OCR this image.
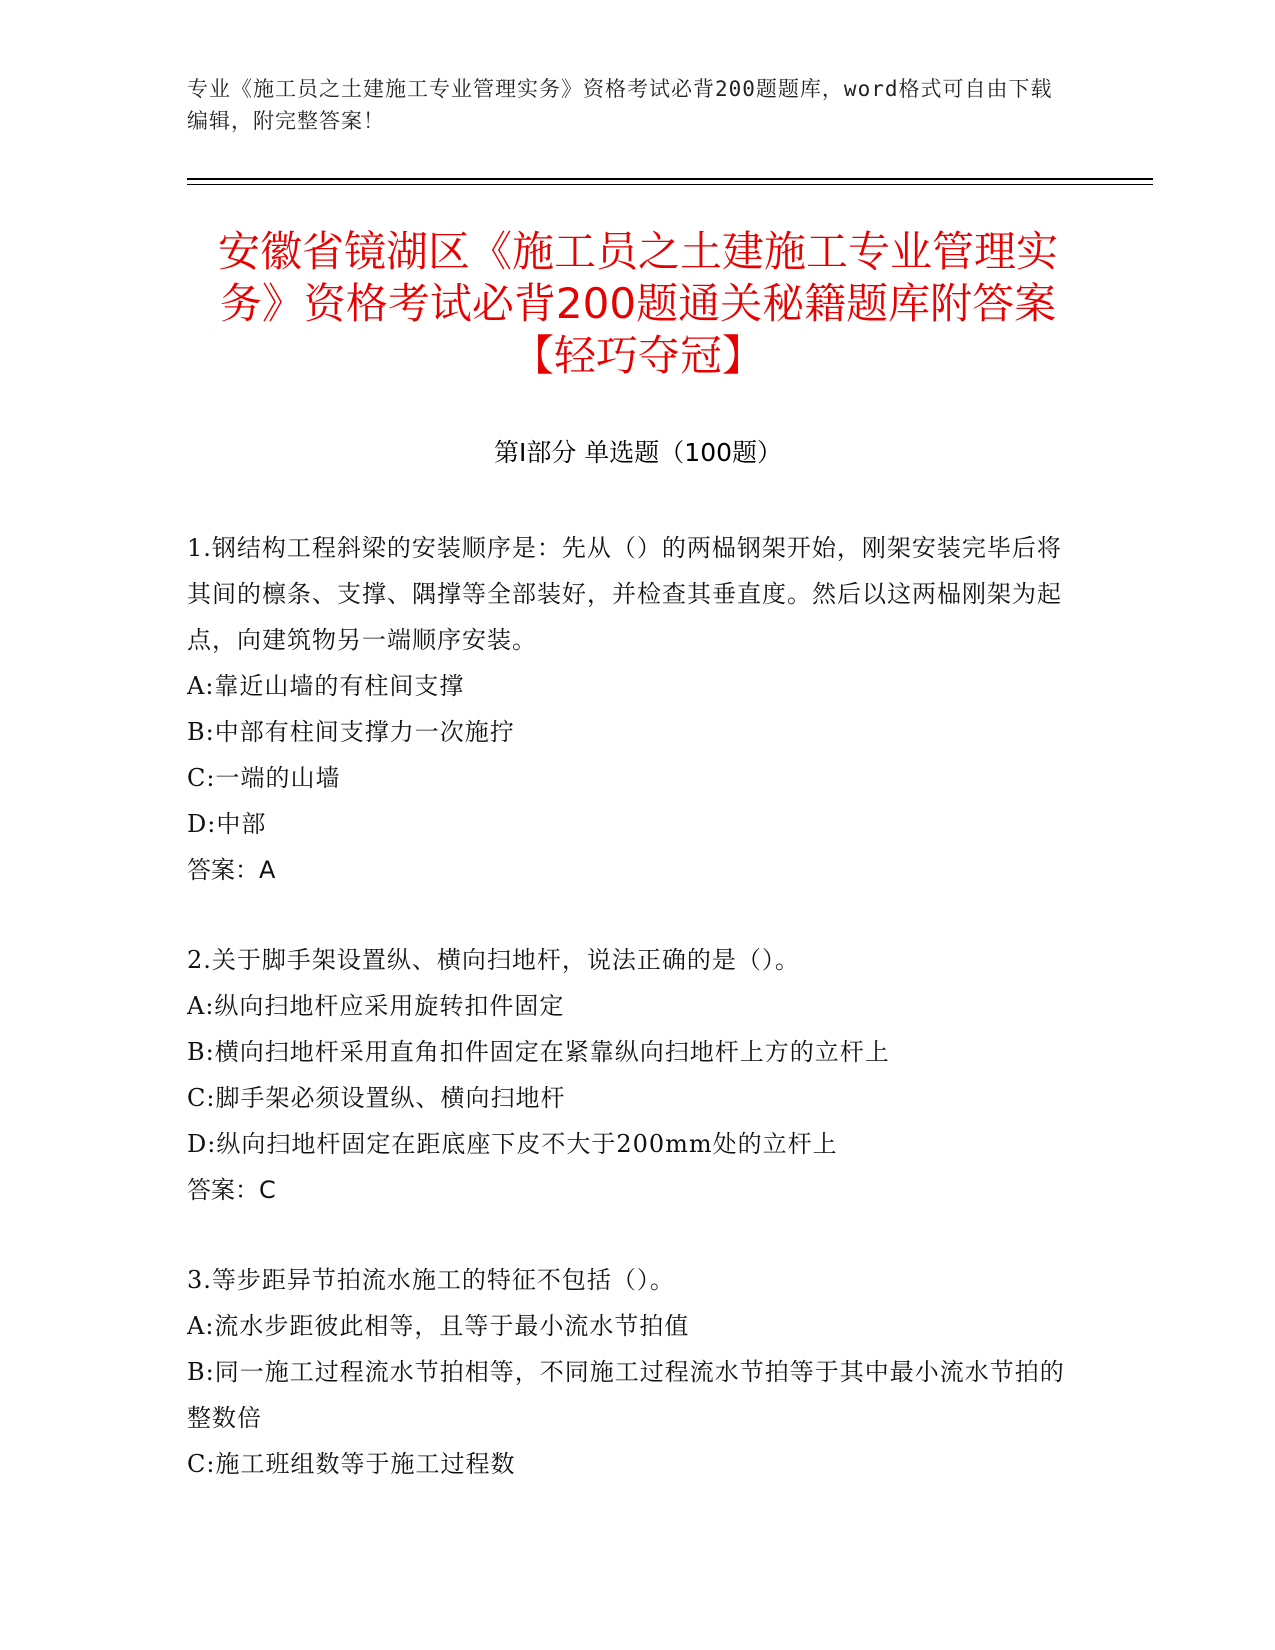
专业《施工员之土建施工专业管理实务》资格考试必背200题题库，word格式可自由下载编辑，附完整答案！
安徽省镜湖区《施工员之土建施工专业管理实务》资格考试必背200题通关秘籍题库附答案【轻巧夺冠】
第Ⅰ部分 单选题（100题）

1.钢结构工程斜梁的安装顺序是：先从（）的两榀钢架开始，刚架安装完毕后将其间的檩条、支撑、隅撑等全部装好，并检查其垂直度。然后以这两榀刚架为起点，向建筑物另一端顺序安装。

A:靠近山墙的有柱间支撑

B:中部有柱间支撑力一次施拧

C:一端的山墙

D:中部

答案：A

2.关于脚手架设置纵、横向扫地杆，说法正确的是（）。

A:纵向扫地杆应采用旋转扣件固定

B:横向扫地杆采用直角扣件固定在紧靠纵向扫地杆上方的立杆上

C:脚手架必须设置纵、横向扫地杆

D:纵向扫地杆固定在距底座下皮不大于200mm处的立杆上

答案：C

3.等步距异节拍流水施工的特征不包括（）。

A:流水步距彼此相等，且等于最小流水节拍值

B:同一施工过程流水节拍相等，不同施工过程流水节拍等于其中最小流水节拍的整数倍

C:施工班组数等于施工过程数
